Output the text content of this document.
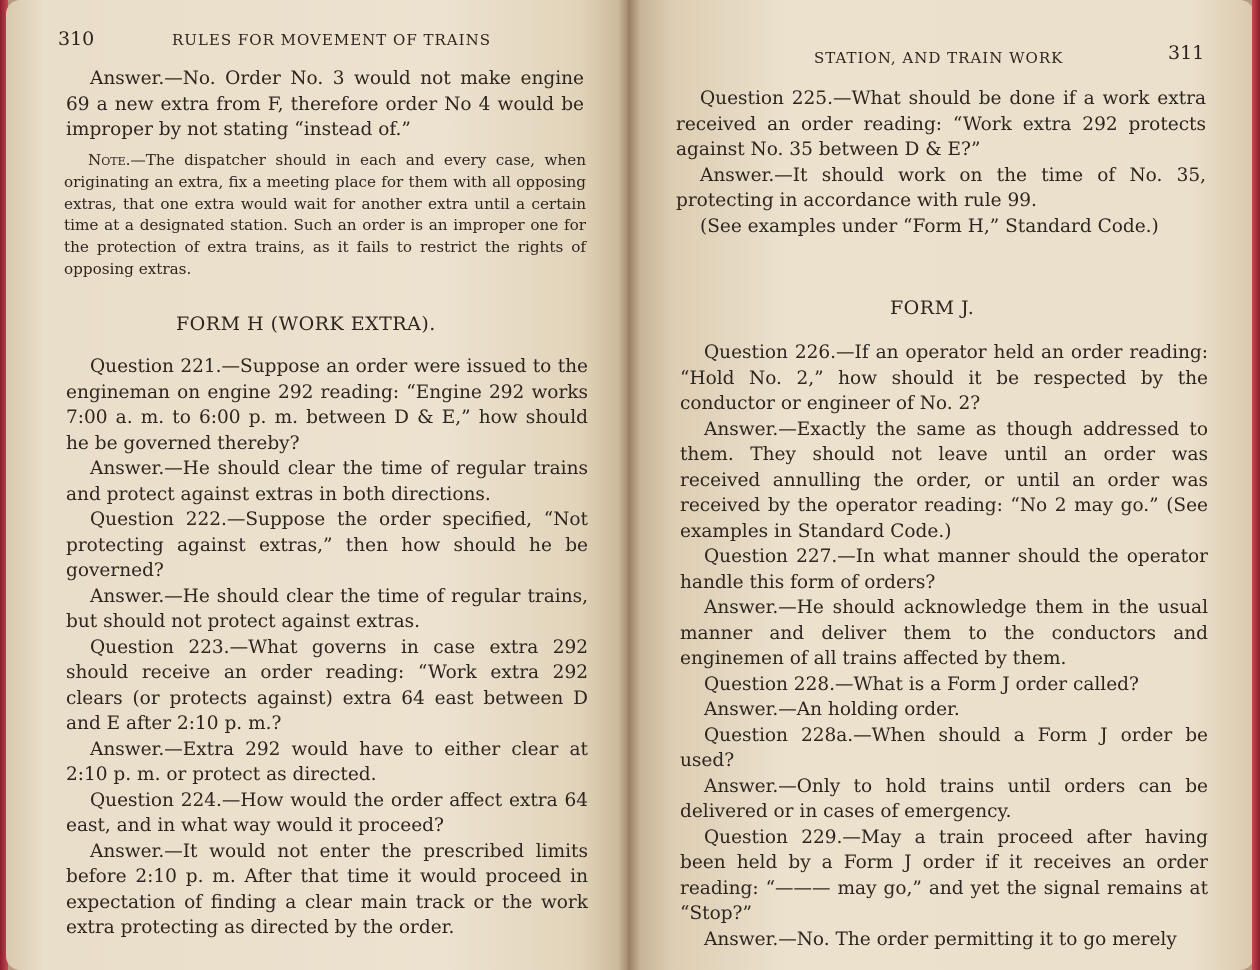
310	RULES FOR MOVEMENT OF TRAINS

Answer.—No. Order No. 3 would not make engine 69 a new extra from F, therefore order No 4 would be improper by not stating “instead of.”

Note.—The dispatcher should in each and every case, when originating an extra, fix a meeting place for them with all opposing extras, that one extra would wait for another extra until a certain time at a designated station. Such an order is an improper one for the protection of extra trains, as it fails to restrict the rights of opposing extras.

FORM H (WORK EXTRA).

Question 221.—Suppose an order were issued to the engineman on engine 292 reading: “Engine 292 works 7:00 a. m. to 6:00 p. m. between D & E,” how should he be governed thereby?

Answer.—He should clear the time of regular trains and protect against extras in both directions.

Question 222.—Suppose the order specified, “Not protecting against extras,” then how should he be governed?

Answer.—He should clear the time of regular trains, but should not protect against extras.

Question 223.—What governs in case extra 292 should receive an order reading: “Work extra 292 clears (or protects against) extra 64 east between D and E after 2:10 p. m.?

Answer.—Extra 292 would have to either clear at 2:10 p. m. or protect as directed.

Question 224.—How would the order affect extra 64 east, and in what way would it proceed?

Answer.—It would not enter the prescribed limits before 2:10 p. m. After that time it would proceed in expectation of finding a clear main track or the work extra protecting as directed by the order.

STATION, AND TRAIN WORK	311

Question 225.—What should be done if a work extra received an order reading: “Work extra 292 protects against No. 35 between D & E?”

Answer.—It should work on the time of No. 35, protecting in accordance with rule 99.

(See examples under “Form H,” Standard Code.)

FORM J.

Question 226.—If an operator held an order reading: “Hold No. 2,” how should it be respected by the conductor or engineer of No. 2?

Answer.—Exactly the same as though addressed to them. They should not leave until an order was received annulling the order, or until an order was received by the operator reading: “No 2 may go.” (See examples in Standard Code.)

Question 227.—In what manner should the operator handle this form of orders?

Answer.—He should acknowledge them in the usual manner and deliver them to the conductors and enginemen of all trains affected by them.

Question 228.—What is a Form J order called?

Answer.—An holding order.

Question 228a.—When should a Form J order be used?

Answer.—Only to hold trains until orders can be delivered or in cases of emergency.

Question 229.—May a train proceed after having been held by a Form J order if it receives an order reading: “——— may go,” and yet the signal remains at “Stop?”

Answer.—No. The order permitting it to go merely
